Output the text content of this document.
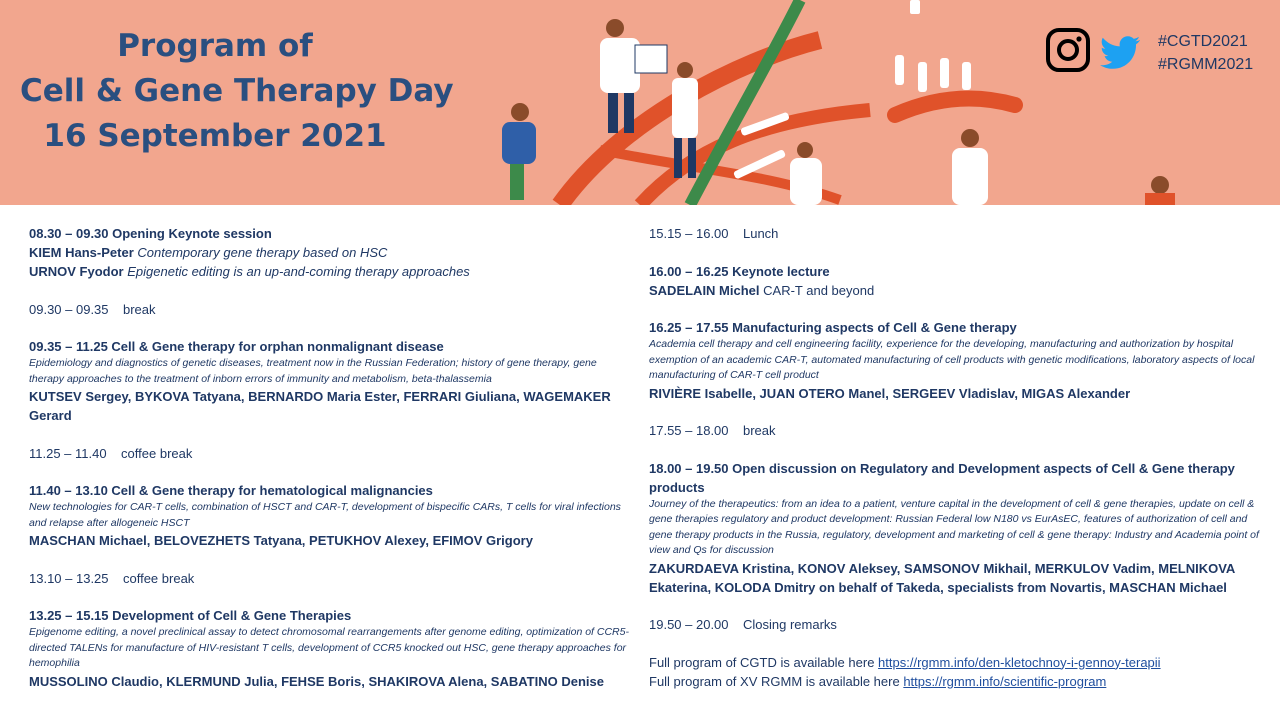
Program of
Cell & Gene Therapy Day
16 September 2021
#CGTD2021
#RGMM2021
08.30 – 09.30 Opening Keynote session
KIEM Hans-Peter Contemporary gene therapy based on HSC
URNOV Fyodor Epigenetic editing is an up-and-coming therapy approaches
09.30 – 09.35 break
09.35 – 11.25 Cell & Gene therapy for orphan nonmalignant disease
Epidemiology and diagnostics of genetic diseases, treatment now in the Russian Federation; history of gene therapy, gene therapy approaches to the treatment of inborn errors of immunity and metabolism, beta-thalassemia
KUTSEV Sergey, BYKOVA Tatyana, BERNARDO Maria Ester, FERRARI Giuliana, WAGEMAKER Gerard
11.25 – 11.40 coffee break
11.40 – 13.10 Cell & Gene therapy for hematological malignancies
New technologies for CAR-T cells, combination of HSCT and CAR-T, development of bispecific CARs, T cells for viral infections and relapse after allogeneic HSCT
MASCHAN Michael, BELOVEZHETS Tatyana, PETUKHOV Alexey, EFIMOV Grigory
13.10 – 13.25 coffee break
13.25 – 15.15 Development of Cell & Gene Therapies
Epigenome editing, a novel preclinical assay to detect chromosomal rearrangements after genome editing, optimization of CCR5-directed TALENs for manufacture of HIV-resistant T cells, development of CCR5 knocked out HSC, gene therapy approaches for hemophilia
MUSSOLINO Claudio, KLERMUND Julia, FEHSE Boris, SHAKIROVA Alena, SABATINO Denise
15.15 – 16.00 Lunch
16.00 – 16.25 Keynote lecture
SADELAIN Michel CAR-T and beyond
16.25 – 17.55 Manufacturing aspects of Cell & Gene therapy
Academia cell therapy and cell engineering facility, experience for the developing, manufacturing and authorization by hospital exemption of an academic CAR-T, automated manufacturing of cell products with genetic modifications, laboratory aspects of local manufacturing of CAR-T cell product
RIVIÈRE Isabelle, JUAN OTERO Manel, SERGEEV Vladislav, MIGAS Alexander
17.55 – 18.00 break
18.00 – 19.50 Open discussion on Regulatory and Development aspects of Cell & Gene therapy products
Journey of the therapeutics: from an idea to a patient, venture capital in the development of cell & gene therapies, update on cell & gene therapies regulatory and product development: Russian Federal low N180 vs EurAsEC, features of authorization of cell and gene therapy products in the Russia, regulatory, development and marketing of cell & gene therapy: Industry and Academia point of view and Qs for discussion
ZAKURDAEVA Kristina, KONOV Aleksey, SAMSONOV Mikhail, MERKULOV Vadim, MELNIKOVA Ekaterina, KOLODA Dmitry on behalf of Takeda, specialists from Novartis, MASCHAN Michael
19.50 – 20.00 Closing remarks
Full program of CGTD is available here https://rgmm.info/den-kletochnoy-i-gennoy-terapii
Full program of XV RGMM is available here https://rgmm.info/scientific-program
